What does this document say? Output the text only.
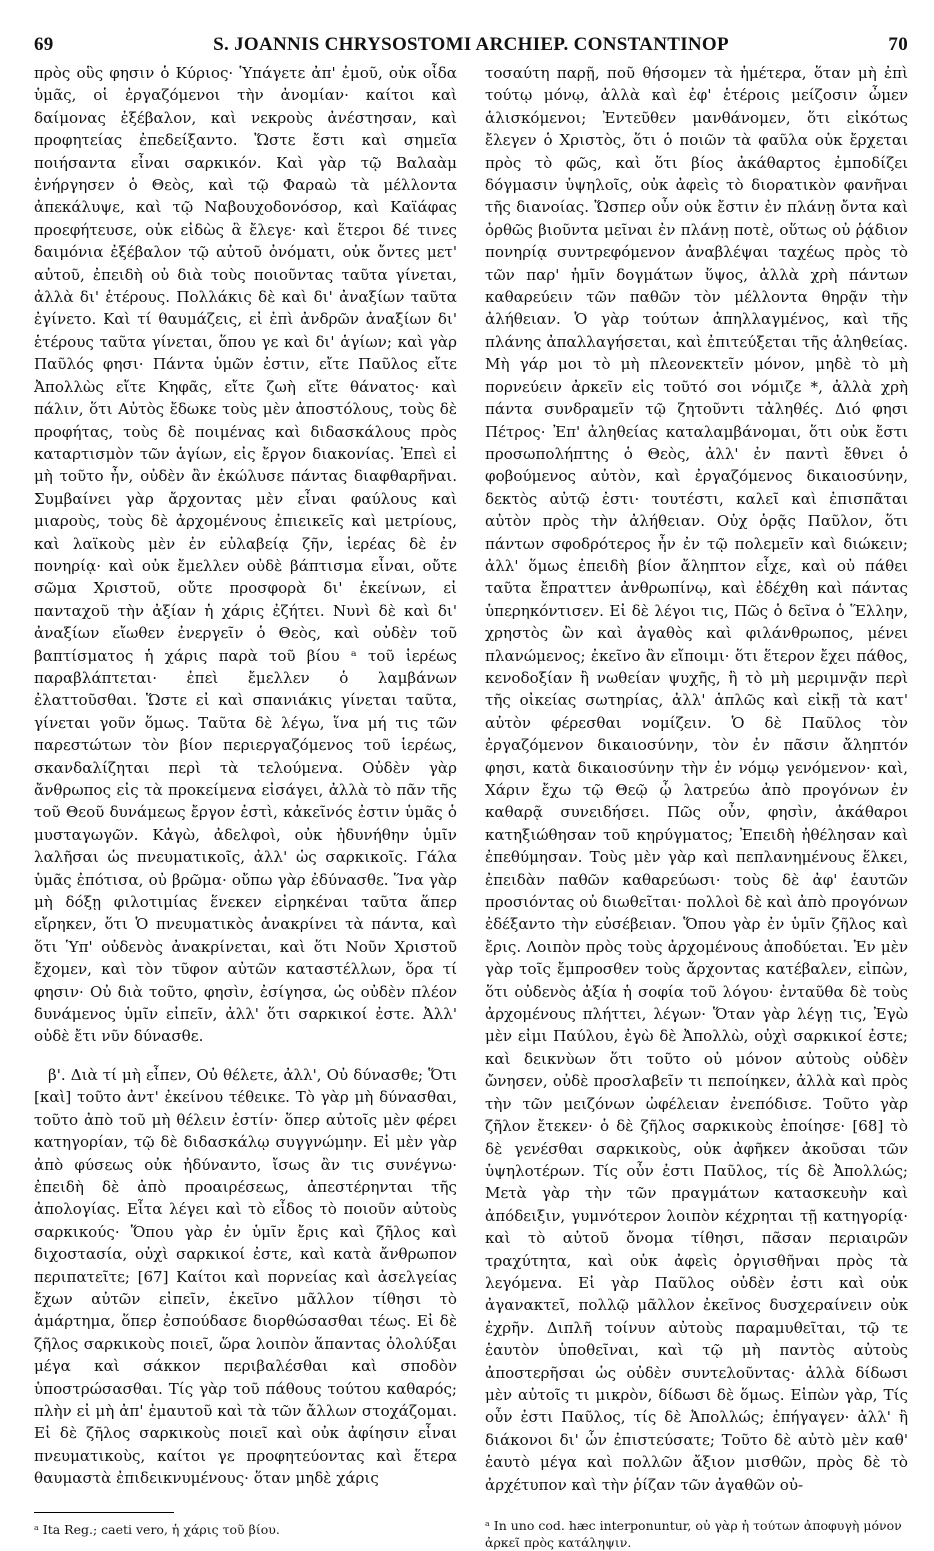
69	S. JOANNIS CHRYSOSTOMI ARCHIEP. CONSTANTINOP	70

πρὸς οὓς φησιν ὁ Κύριος· Ὑπάγετε ἀπ' ἐμοῦ, οὐκ οἶδα ὑμᾶς, οἱ ἐργαζόμενοι τὴν ἀνομίαν· καίτοι καὶ δαίμονας ἐξέβαλον, καὶ νεκροὺς ἀνέστησαν, καὶ προφητείας ἐπεδείξαντο. Ὥστε ἔστι καὶ σημεῖα ποιήσαντα εἶναι σαρκικόν. Καὶ γὰρ τῷ Βαλαὰμ ἐνήργησεν ὁ Θεὸς, καὶ τῷ Φαραὼ τὰ μέλλοντα ἀπεκάλυψε, καὶ τῷ Ναβουχοδονόσορ, καὶ Καϊάφας προεφήτευσε, οὐκ εἰδὼς ἃ ἔλεγε· καὶ ἕτεροι δέ τινες δαιμόνια ἐξέβαλον τῷ αὐτοῦ ὀνόματι, οὐκ ὄντες μετ' αὐτοῦ, ἐπειδὴ οὐ διὰ τοὺς ποιοῦντας ταῦτα γίνεται, ἀλλὰ δι' ἑτέρους. Πολλάκις δὲ καὶ δι' ἀναξίων ταῦτα ἐγίνετο. Καὶ τί θαυμάζεις, εἰ ἐπὶ ἀνδρῶν ἀναξίων δι' ἑτέρους ταῦτα γίνεται, ὅπου γε καὶ δι' ἁγίων; καὶ γὰρ Παῦλός φησι· Πάντα ὑμῶν ἐστιν, εἴτε Παῦλος εἴτε Ἀπολλὼς εἴτε Κηφᾶς, εἴτε ζωὴ εἴτε θάνατος· καὶ πάλιν, ὅτι Αὐτὸς ἔδωκε τοὺς μὲν ἀποστόλους, τοὺς δὲ προφήτας, τοὺς δὲ ποιμένας καὶ διδασκάλους πρὸς καταρτισμὸν τῶν ἁγίων, εἰς ἔργον διακονίας. Ἐπεὶ εἰ μὴ τοῦτο ἦν, οὐδὲν ἂν ἐκώλυσε πάντας διαφθαρῆναι. Συμβαίνει γὰρ ἄρχοντας μὲν εἶναι φαύλους καὶ μιαροὺς, τοὺς δὲ ἀρχομένους ἐπιεικεῖς καὶ μετρίους, καὶ λαϊκοὺς μὲν ἐν εὐλαβείᾳ ζῆν, ἱερέας δὲ ἐν πονηρίᾳ· καὶ οὐκ ἔμελλεν οὐδὲ βάπτισμα εἶναι, οὔτε σῶμα Χριστοῦ, οὔτε προσφορὰ δι' ἐκείνων, εἰ πανταχοῦ τὴν ἀξίαν ἡ χάρις ἐζήτει. Νυνὶ δὲ καὶ δι' ἀναξίων εἴωθεν ἐνεργεῖν ὁ Θεὸς, καὶ οὐδὲν τοῦ βαπτίσματος ἡ χάρις παρὰ τοῦ βίου ᵃ τοῦ ἱερέως παραβλάπτεται· ἐπεὶ ἔμελλεν ὁ λαμβάνων ἐλαττοῦσθαι. Ὥστε εἰ καὶ σπανιάκις γίνεται ταῦτα, γίνεται γοῦν ὅμως. Ταῦτα δὲ λέγω, ἵνα μή τις τῶν παρεστώτων τὸν βίον περιεργαζόμενος τοῦ ἱερέως, σκανδαλίζηται περὶ τὰ τελούμενα. Οὐδὲν γὰρ ἄνθρωπος εἰς τὰ προκείμενα εἰσάγει, ἀλλὰ τὸ πᾶν τῆς τοῦ Θεοῦ δυνάμεως ἔργον ἐστὶ, κἀκεῖνός ἐστιν ὑμᾶς ὁ μυσταγωγῶν. Κἀγὼ, ἀδελφοὶ, οὐκ ἠδυνήθην ὑμῖν λαλῆσαι ὡς πνευματικοῖς, ἀλλ' ὡς σαρκικοῖς. Γάλα ὑμᾶς ἐπότισα, οὐ βρῶμα· οὔπω γὰρ ἐδύνασθε. Ἵνα γὰρ μὴ δόξῃ φιλοτιμίας ἕνεκεν εἰρηκέναι ταῦτα ἅπερ εἴρηκεν, ὅτι Ὁ πνευματικὸς ἀνακρίνει τὰ πάντα, καὶ ὅτι Ὑπ' οὐδενὸς ἀνακρίνεται, καὶ ὅτι Νοῦν Χριστοῦ ἔχομεν, καὶ τὸν τῦφον αὐτῶν καταστέλλων, ὅρα τί φησιν· Οὐ διὰ τοῦτο, φησὶν, ἐσίγησα, ὡς οὐδὲν πλέον δυνάμενος ὑμῖν εἰπεῖν, ἀλλ' ὅτι σαρκικοί ἐστε. Ἀλλ' οὐδὲ ἔτι νῦν δύνασθε.

β'. Διὰ τί μὴ εἶπεν, Οὐ θέλετε, ἀλλ', Οὐ δύνασθε; Ὅτι [καὶ] τοῦτο ἀντ' ἐκείνου τέθεικε. Τὸ γὰρ μὴ δύνασθαι, τοῦτο ἀπὸ τοῦ μὴ θέλειν ἐστίν· ὅπερ αὐτοῖς μὲν φέρει κατηγορίαν, τῷ δὲ διδασκάλῳ συγγνώμην. Εἰ μὲν γὰρ ἀπὸ φύσεως οὐκ ἠδύναντο, ἴσως ἂν τις συνέγνω· ἐπειδὴ δὲ ἀπὸ προαιρέσεως, ἀπεστέρηνται τῆς ἀπολογίας. Εἶτα λέγει καὶ τὸ εἶδος τὸ ποιοῦν αὐτοὺς σαρκικούς· Ὅπου γὰρ ἐν ὑμῖν ἔρις καὶ ζῆλος καὶ διχοστασία, οὐχὶ σαρκικοί ἐστε, καὶ κατὰ ἄνθρωπον περιπατεῖτε; [67] Καίτοι καὶ πορνείας καὶ ἀσελγείας ἔχων αὐτῶν εἰπεῖν, ἐκεῖνο μᾶλλον τίθησι τὸ ἁμάρτημα, ὅπερ ἐσπούδασε διορθώσασθαι τέως. Εἰ δὲ ζῆλος σαρκικοὺς ποιεῖ, ὥρα λοιπὸν ἅπαντας ὀλολύξαι μέγα καὶ σάκκον περιβαλέσθαι καὶ σποδὸν ὑποστρώσασθαι. Τίς γὰρ τοῦ πάθους τούτου καθαρός; πλὴν εἰ μὴ ἀπ' ἐμαυτοῦ καὶ τὰ τῶν ἄλλων στοχάζομαι. Εἰ δὲ ζῆλος σαρκικοὺς ποιεῖ καὶ οὐκ ἀφίησιν εἶναι πνευματικοὺς, καίτοι γε προφητεύοντας καὶ ἕτερα θαυμαστὰ ἐπιδεικνυμένους· ὅταν μηδὲ χάρις

τοσαύτη παρῇ, ποῦ θήσομεν τὰ ἡμέτερα, ὅταν μὴ ἐπὶ τούτῳ μόνῳ, ἀλλὰ καὶ ἐφ' ἑτέροις μείζοσιν ὦμεν ἁλισκόμενοι; Ἐντεῦθεν μανθάνομεν, ὅτι εἰκότως ἔλεγεν ὁ Χριστὸς, ὅτι ὁ ποιῶν τὰ φαῦλα οὐκ ἔρχεται πρὸς τὸ φῶς, καὶ ὅτι βίος ἀκάθαρτος ἐμποδίζει δόγμασιν ὑψηλοῖς, οὐκ ἀφεὶς τὸ διορατικὸν φανῆναι τῆς διανοίας. Ὥσπερ οὖν οὐκ ἔστιν ἐν πλάνῃ ὄντα καὶ ὀρθῶς βιοῦντα μεῖναι ἐν πλάνῃ ποτὲ, οὕτως οὐ ῥᾴδιον πονηρίᾳ συντρεφόμενον ἀναβλέψαι ταχέως πρὸς τὸ τῶν παρ' ἡμῖν δογμάτων ὕψος, ἀλλὰ χρὴ πάντων καθαρεύειν τῶν παθῶν τὸν μέλλοντα θηρᾷν τὴν ἀλήθειαν. Ὁ γὰρ τούτων ἀπηλλαγμένος, καὶ τῆς πλάνης ἀπαλλαγήσεται, καὶ ἐπιτεύξεται τῆς ἀληθείας. Μὴ γάρ μοι τὸ μὴ πλεονεκτεῖν μόνον, μηδὲ τὸ μὴ πορνεύειν ἀρκεῖν εἰς τοῦτό σοι νόμιζε *, ἀλλὰ χρὴ πάντα συνδραμεῖν τῷ ζητοῦντι τἀληθές. Διό φησι Πέτρος· Ἐπ' ἀληθείας καταλαμβάνομαι, ὅτι οὐκ ἔστι προσωπολήπτης ὁ Θεὸς, ἀλλ' ἐν παντὶ ἔθνει ὁ φοβούμενος αὐτὸν, καὶ ἐργαζόμενος δικαιοσύνην, δεκτὸς αὐτῷ ἐστι· τουτέστι, καλεῖ καὶ ἐπισπᾶται αὐτὸν πρὸς τὴν ἀλήθειαν. Οὐχ ὁρᾷς Παῦλον, ὅτι πάντων σφοδρότερος ἦν ἐν τῷ πολεμεῖν καὶ διώκειν; ἀλλ' ὅμως ἐπειδὴ βίον ἄληπτον εἶχε, καὶ οὐ πάθει ταῦτα ἔπραττεν ἀνθρωπίνῳ, καὶ ἐδέχθη καὶ πάντας ὑπερηκόντισεν. Εἰ δὲ λέγοι τις, Πῶς ὁ δεῖνα ὁ Ἕλλην, χρηστὸς ὢν καὶ ἀγαθὸς καὶ φιλάνθρωπος, μένει πλανώμενος; ἐκεῖνο ἂν εἴποιμι· ὅτι ἕτερον ἔχει πάθος, κενοδοξίαν ἢ νωθείαν ψυχῆς, ἢ τὸ μὴ μεριμνᾷν περὶ τῆς οἰκείας σωτηρίας, ἀλλ' ἁπλῶς καὶ εἰκῇ τὰ κατ' αὐτὸν φέρεσθαι νομίζειν. Ὁ δὲ Παῦλος τὸν ἐργαζόμενον δικαιοσύνην, τὸν ἐν πᾶσιν ἄληπτόν φησι, κατὰ δικαιοσύνην τὴν ἐν νόμῳ γενόμενον· καὶ, Χάριν ἔχω τῷ Θεῷ ᾧ λατρεύω ἀπὸ προγόνων ἐν καθαρᾷ συνειδήσει. Πῶς οὖν, φησὶν, ἀκάθαροι κατηξιώθησαν τοῦ κηρύγματος; Ἐπειδὴ ἠθέλησαν καὶ ἐπεθύμησαν. Τοὺς μὲν γὰρ καὶ πεπλανημένους ἕλκει, ἐπειδὰν παθῶν καθαρεύωσι· τοὺς δὲ ἀφ' ἑαυτῶν προσιόντας οὐ διωθεῖται· πολλοὶ δὲ καὶ ἀπὸ προγόνων ἐδέξαντο τὴν εὐσέβειαν. Ὅπου γὰρ ἐν ὑμῖν ζῆλος καὶ ἔρις. Λοιπὸν πρὸς τοὺς ἀρχομένους ἀποδύεται. Ἐν μὲν γὰρ τοῖς ἔμπροσθεν τοὺς ἄρχοντας κατέβαλεν, εἰπὼν, ὅτι οὐδενὸς ἀξία ἡ σοφία τοῦ λόγου· ἐνταῦθα δὲ τοὺς ἀρχομένους πλήττει, λέγων· Ὅταν γὰρ λέγῃ τις, Ἐγὼ μὲν εἰμι Παύλου, ἐγὼ δὲ Ἀπολλὼ, οὐχὶ σαρκικοί ἐστε; καὶ δεικνὺων ὅτι τοῦτο οὐ μόνον αὐτοὺς οὐδὲν ὤνησεν, οὐδὲ προσλαβεῖν τι πεποίηκεν, ἀλλὰ καὶ πρὸς τὴν τῶν μειζόνων ὠφέλειαν ἐνεπόδισε. Τοῦτο γὰρ ζῆλον ἔτεκεν· ὁ δὲ ζῆλος σαρκικοὺς ἐποίησε· [68] τὸ δὲ γενέσθαι σαρκικοὺς, οὐκ ἀφῆκεν ἀκοῦσαι τῶν ὑψηλοτέρων. Τίς οὖν ἐστι Παῦλος, τίς δὲ Ἀπολλώς; Μετὰ γὰρ τὴν τῶν πραγμάτων κατασκευὴν καὶ ἀπόδειξιν, γυμνότερον λοιπὸν κέχρηται τῇ κατηγορίᾳ· καὶ τὸ αὐτοῦ ὄνομα τίθησι, πᾶσαν περιαιρῶν τραχύτητα, καὶ οὐκ ἀφεὶς ὀργισθῆναι πρὸς τὰ λεγόμενα. Εἰ γὰρ Παῦλος οὐδὲν ἐστι καὶ οὐκ ἀγανακτεῖ, πολλῷ μᾶλλον ἐκεῖνος δυσχεραίνειν οὐκ ἐχρῆν. Διπλῆ τοίνυν αὐτοὺς παραμυθεῖται, τῷ τε ἑαυτὸν ὑποθεῖναι, καὶ τῷ μὴ παντὸς αὐτοὺς ἀποστερῆσαι ὡς οὐδὲν συντελοῦντας· ἀλλὰ δίδωσι μὲν αὐτοῖς τι μικρὸν, δίδωσι δὲ ὅμως. Εἰπὼν γὰρ, Τίς οὖν ἐστι Παῦλος, τίς δὲ Ἀπολλώς; ἐπήγαγεν· ἀλλ' ἢ διάκονοι δι' ὧν ἐπιστεύσατε; Τοῦτο δὲ αὐτὸ μὲν καθ' ἑαυτὸ μέγα καὶ πολλῶν ἄξιον μισθῶν, πρὸς δὲ τὸ ἀρχέτυπον καὶ τὴν ῥίζαν τῶν ἀγαθῶν οὐ-

ᵃ Ita Reg.; caeti vero, ἡ χάρις τοῦ βίου.	ᵃ In uno cod. hæc interponuntur, οὐ γὰρ ἡ τούτων ἀποφυγὴ μόνον ἀρκεῖ πρὸς κατάληψιν.
